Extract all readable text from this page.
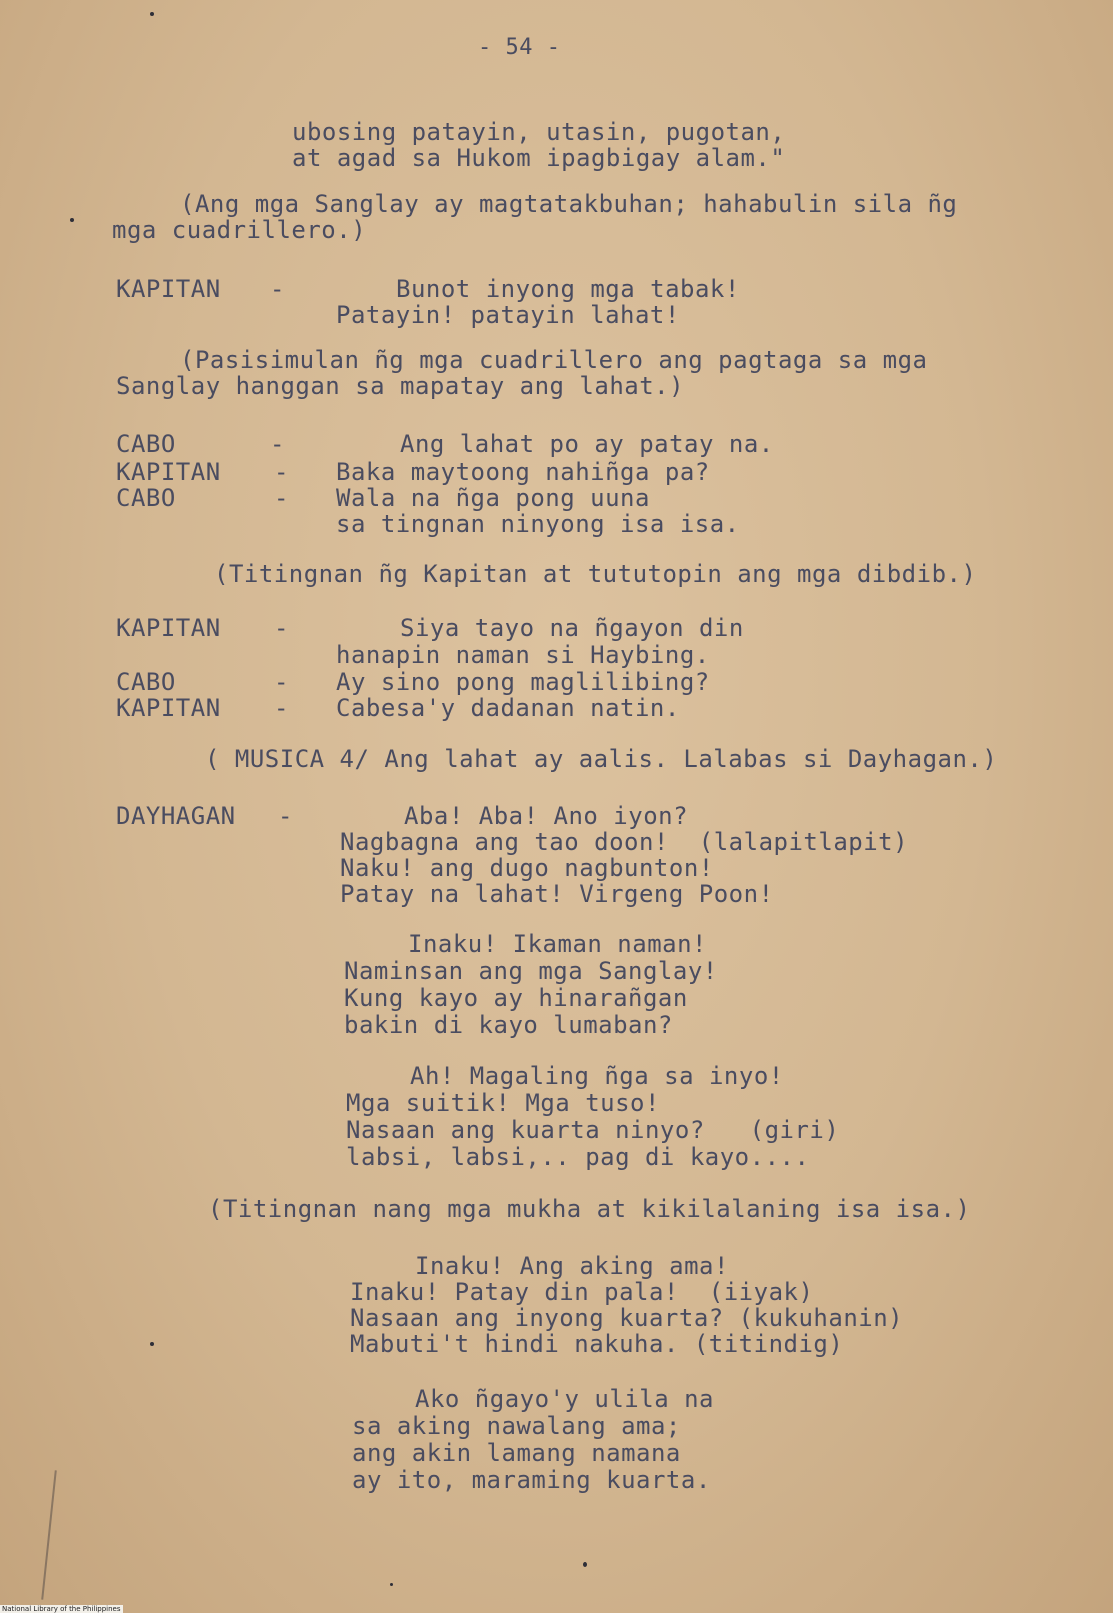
- 54 -
ubosing patayin, utasin, pugotan,
at agad sa Hukom ipagbigay alam."
(Ang mga Sanglay ay magtatakbuhan; hahabulin sila ñg
mga cuadrillero.)
KAPITAN -	Bunot inyong mga tabak!
Patayin! patayin lahat!
(Pasisimulan ñg mga cuadrillero ang pagtaga sa mga
Sanglay hanggan sa mapatay ang lahat.)
CABO	-	Ang lahat po ay patay na.
KAPITAN - Baka maytoong nahiñga pa?
CABO	- Wala na ñga pong uuna
sa tingnan ninyong isa isa.
(Titingnan ñg Kapitan at tututopin ang mga dibdib.)
KAPITAN -	Siya tayo na ñgayon din
hanapin naman si Haybing.
CABO	- Ay sino pong maglilibing?
KAPITAN - Cabesa'y dadanan natin.
( MUSICA 4/ Ang lahat ay aalis. Lalabas si Dayhagan.)
DAYHAGAN -	Aba! Aba! Ano iyon?
Nagbagna ang tao doon!  (lalapitlapit)
Naku! ang dugo nagbunton!
Patay na lahat! Virgeng Poon!
Inaku! Ikaman naman!
Naminsan ang mga Sanglay!
Kung kayo ay hinarañgan
bakin di kayo lumaban?
Ah! Magaling ñga sa inyo!
Mga suitik! Mga tuso!
Nasaan ang kuarta ninyo?   (giri)
labsi, labsi,.. pag di kayo....
(Titingnan nang mga mukha at kikilalaning isa isa.)
Inaku! Ang aking ama!
Inaku! Patay din pala!  (iiyak)
Nasaan ang inyong kuarta? (kukuhanin)
Mabuti't hindi nakuha. (titindig)
Ako ñgayo'y ulila na
sa aking nawalang ama;
ang akin lamang namana
ay ito, maraming kuarta.
National Library of the Philippines
